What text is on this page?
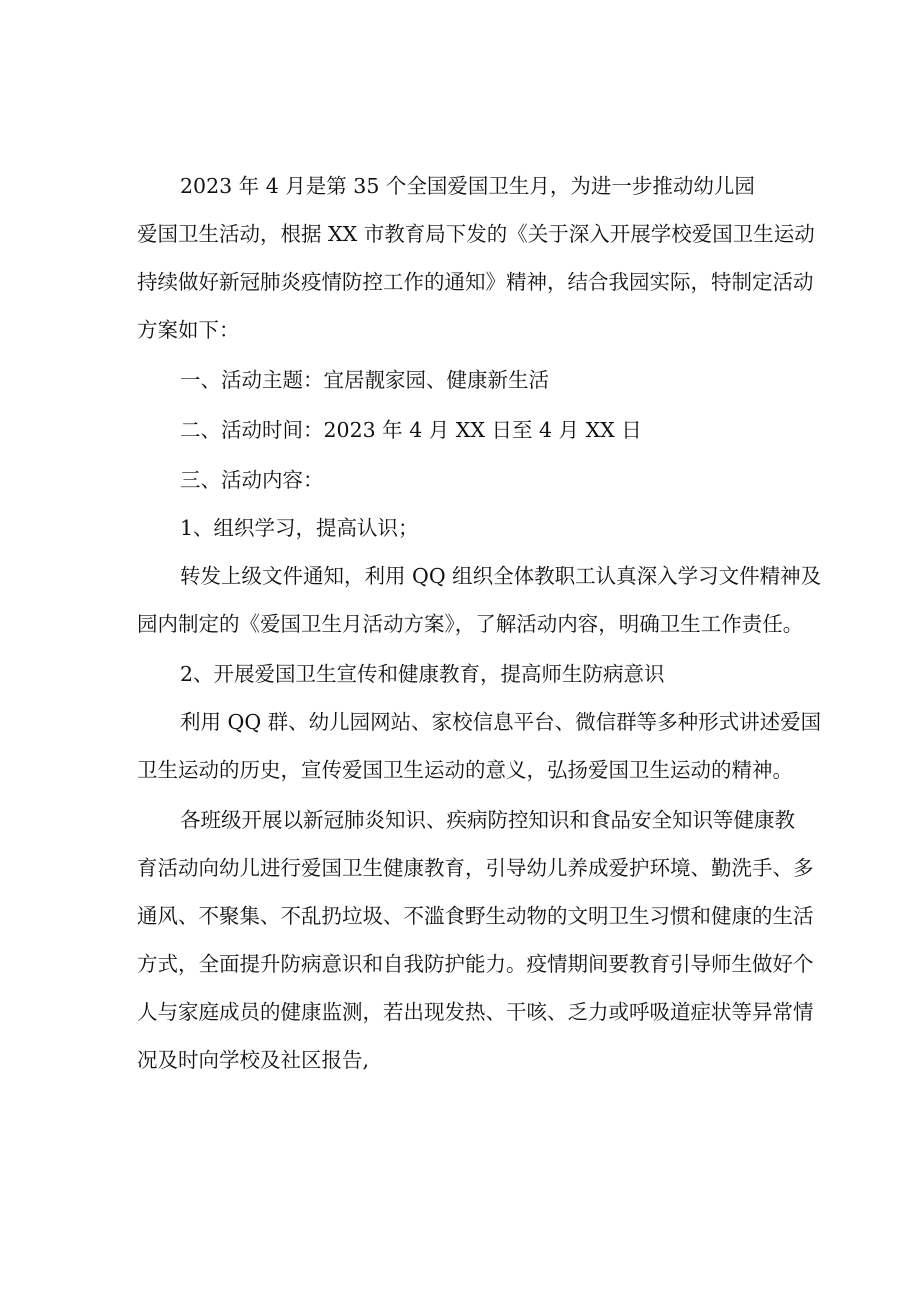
2023 年 4 月是第 35 个全国爱国卫生月，为进一步推动幼儿园
爱国卫生活动，根据 XX 市教育局下发的《关于深入开展学校爱国卫生运动
持续做好新冠肺炎疫情防控工作的通知》精神，结合我园实际，特制定活动
方案如下：
一、活动主题：宜居靓家园、健康新生活
二、活动时间：2023 年 4 月 XX 日至 4 月 XX 日
三、活动内容：
1、组织学习，提高认识；
转发上级文件通知，利用 QQ 组织全体教职工认真深入学习文件精神及
园内制定的《爱国卫生月活动方案》，了解活动内容，明确卫生工作责任。
2、开展爱国卫生宣传和健康教育，提高师生防病意识
利用 QQ 群、幼儿园网站、家校信息平台、微信群等多种形式讲述爱国
卫生运动的历史，宣传爱国卫生运动的意义，弘扬爱国卫生运动的精神。
各班级开展以新冠肺炎知识、疾病防控知识和食品安全知识等健康教
育活动向幼儿进行爱国卫生健康教育，引导幼儿养成爱护环境、勤洗手、多
通风、不聚集、不乱扔垃圾、不滥食野生动物的文明卫生习惯和健康的生活
方式，全面提升防病意识和自我防护能力。疫情期间要教育引导师生做好个
人与家庭成员的健康监测，若出现发热、干咳、乏力或呼吸道症状等异常情
况及时向学校及社区报告,
